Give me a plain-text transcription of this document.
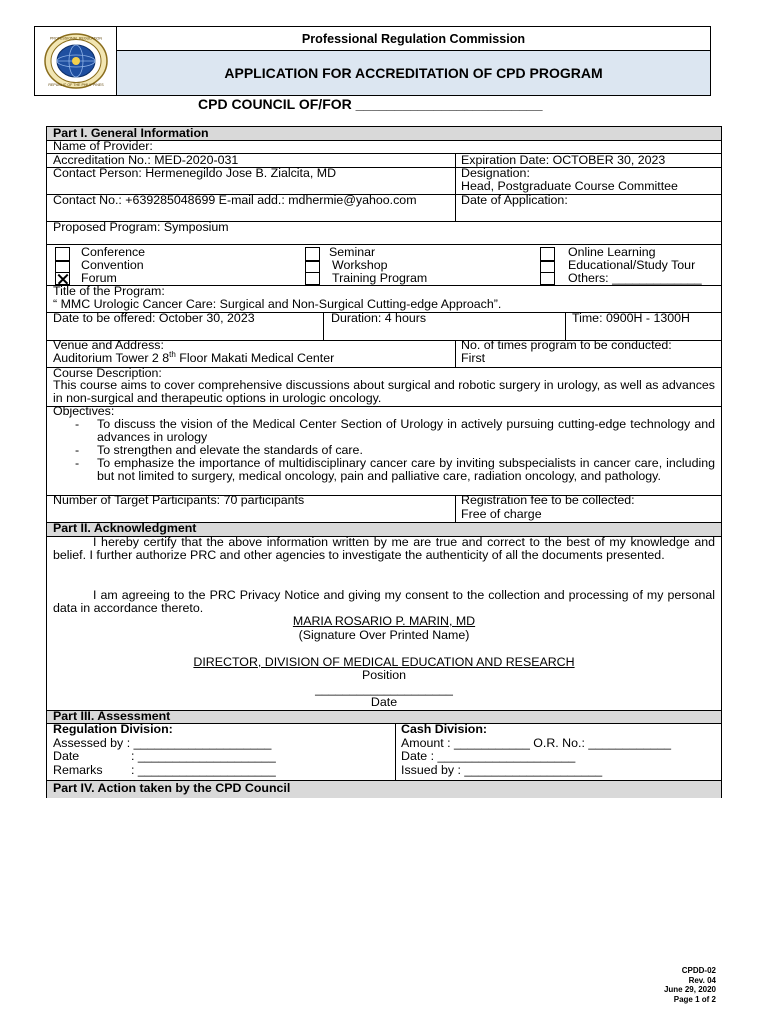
PROFESSIONAL REGULATION
REPUBLIC OF THE PHILIPPINES
Professional Regulation Commission
APPLICATION FOR ACCREDITATION OF CPD PROGRAM
CPD COUNCIL OF/FOR ________________________
Part I. General Information
Name of Provider:
Accreditation No.: MED-2020-031	Expiration Date: OCTOBER 30, 2023
Contact Person: Hermenegildo Jose B. Zialcita, MD	Designation:
Head, Postgraduate Course Committee
Contact No.: +639285048699 E-mail add.: mdhermie@yahoo.com	Date of Application:
Proposed Program: Symposium
Conference
Convention
Forum
Seminar
Workshop
Training Program
Online Learning
Educational/Study Tour
Others: _____________
Title of the Program:
“ MMC Urologic Cancer Care: Surgical and Non-Surgical Cutting-edge Approach”.
Date to be offered: October 30, 2023	Duration: 4 hours	Time: 0900H - 1300H
Venue and Address:
Auditorium Tower 2 8th Floor Makati Medical Center
No. of times program to be conducted:
First
Course Description:
This course aims to cover comprehensive discussions about surgical and robotic surgery in urology, as well as advances in non-surgical and therapeutic options in urologic oncology.
Objectives:
- To discuss the vision of the Medical Center Section of Urology in actively pursuing cutting-edge technology and advances in urology
- To strengthen and elevate the standards of care.
- To emphasize the importance of multidisciplinary cancer care by inviting subspecialists in cancer care, including but not limited to surgery, medical oncology, pain and palliative care, radiation oncology, and pathology.
Number of Target Participants: 70 participants	Registration fee to be collected:
Free of charge
Part II. Acknowledgment
I hereby certify that the above information written by me are true and correct to the best of my knowledge and belief. I further authorize PRC and other agencies to investigate the authenticity of all the documents presented.
I am agreeing to the PRC Privacy Notice and giving my consent to the collection and processing of my personal data in accordance thereto.
MARIA ROSARIO P. MARIN, MD
(Signature Over Printed Name)
DIRECTOR, DIVISION OF MEDICAL EDUCATION AND RESEARCH
Position
____________________
Date
Part III. Assessment
Regulation Division:
Assessed by : ____________________
Date	: ____________________
Remarks : ____________________
Cash Division:
Amount : ___________ O.R. No.: ____________
Date : ____________________
Issued by : ____________________
Part IV. Action taken by the CPD Council
CPDD-02
Rev. 04
June 29, 2020
Page 1 of 2
